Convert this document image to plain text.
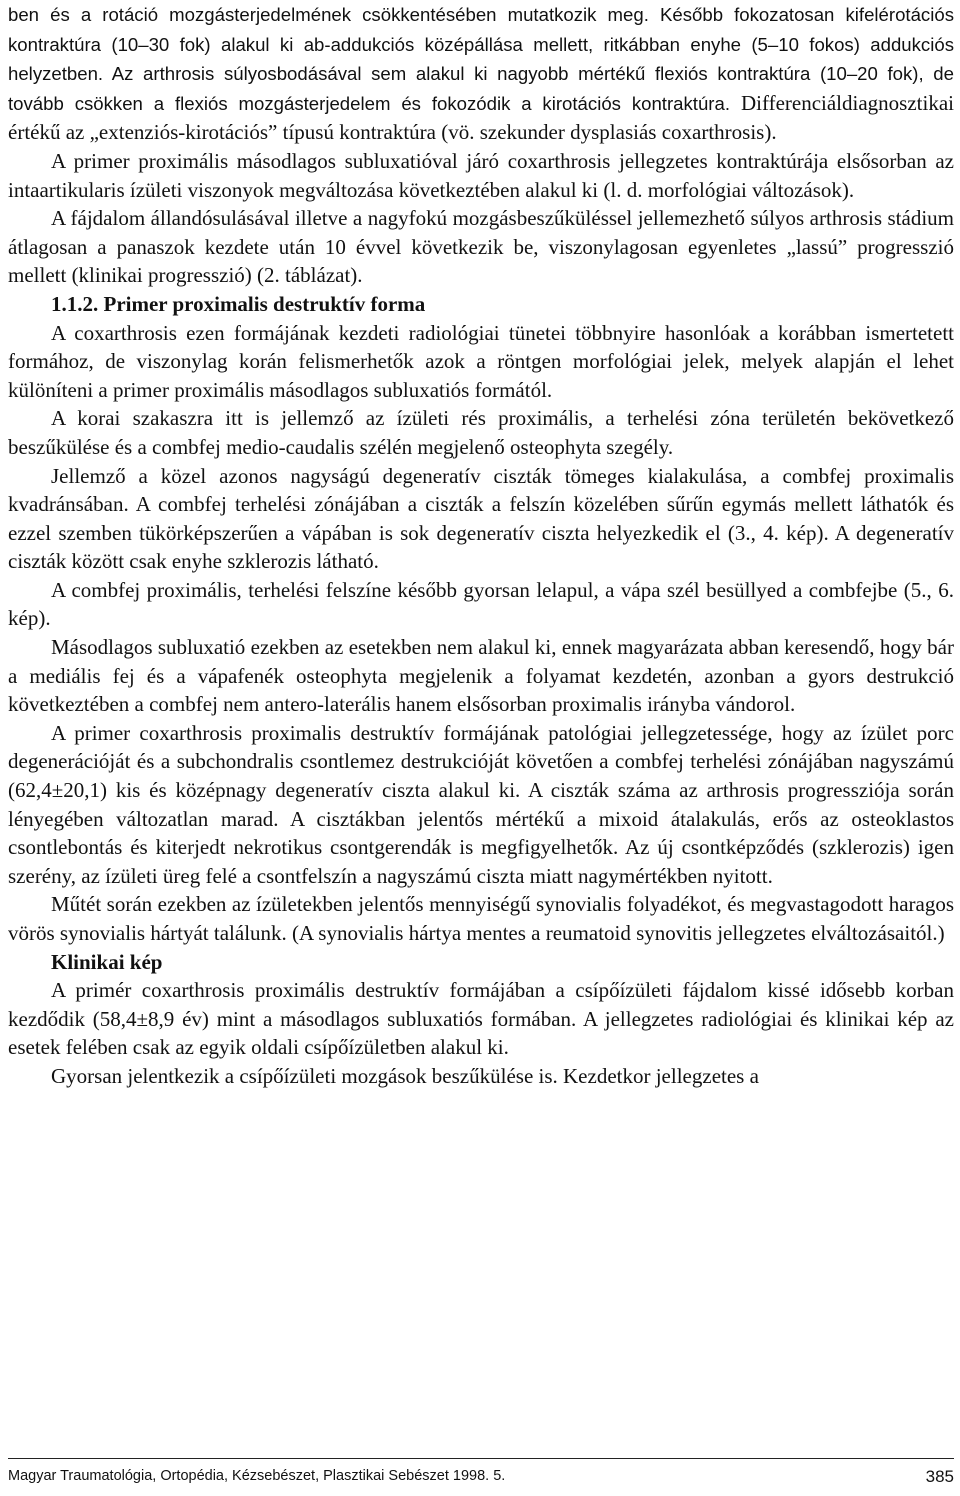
ben és a rotáció mozgásterjedelmének csökkentésében mutatkozik meg. Később fokozatosan kifelérotációs kontraktúra (10–30 fok) alakul ki ab-addukciós középállása mellett, ritkábban enyhe (5–10 fokos) addukciós helyzetben. Az arthrosis súlyosbodásával sem alakul ki nagyobb mértékű flexiós kontraktúra (10–20 fok), de tovább csökken a flexiós mozgásterjedelem és fokozódik a kirotációs kontraktúra. Differenciáldiagnosztikai értékű az „extenziós-kirotációs” típusú kontraktúra (vö. szekunder dysplasiás coxarthrosis).

A primer proximális másodlagos subluxatióval járó coxarthrosis jellegzetes kontraktúrája elsősorban az intaartikularis ízületi viszonyok megváltozása következtében alakul ki (l. d. morfológiai változások).

A fájdalom állandósulásával illetve a nagyfokú mozgásbeszűküléssel jellemezhető súlyos arthrosis stádium átlagosan a panaszok kezdete után 10 évvel következik be, viszonylagosan egyenletes „lassú” progresszió mellett (klinikai progresszió) (2. táblázat).

1.1.2. Primer proximalis destruktív forma

A coxarthrosis ezen formájának kezdeti radiológiai tünetei többnyire hasonlóak a korábban ismertetett formához, de viszonylag korán felismerhetők azok a röntgen morfológiai jelek, melyek alapján el lehet különíteni a primer proximális másodlagos subluxatiós formától.

A korai szakaszra itt is jellemző az ízületi rés proximális, a terhelési zóna területén bekövetkező beszűkülése és a combfej medio-caudalis szélén megjelenő osteophyta szegély.

Jellemző a közel azonos nagyságú degeneratív ciszták tömeges kialakulása, a combfej proximalis kvadránsában. A combfej terhelési zónájában a ciszták a felszín közelében sűrűn egymás mellett láthatók és ezzel szemben tükörképszerűen a vápában is sok degeneratív ciszta helyezkedik el (3., 4. kép). A degeneratív ciszták között csak enyhe szklerozis látható.

A combfej proximális, terhelési felszíne később gyorsan lelapul, a vápa szél besüllyed a combfejbe (5., 6. kép).

Másodlagos subluxatió ezekben az esetekben nem alakul ki, ennek magyarázata abban keresendő, hogy bár a mediális fej és a vápafenék osteophyta megjelenik a folyamat kezdetén, azonban a gyors destrukció következtében a combfej nem antero-laterális hanem elsősorban proximalis irányba vándorol.

A primer coxarthrosis proximalis destruktív formájának patológiai jellegzetessége, hogy az ízület porc degenerációját és a subchondralis csontlemez destrukcióját követően a combfej terhelési zónájában nagyszámú (62,4±20,1) kis és középnagy degeneratív ciszta alakul ki. A ciszták száma az arthrosis progressziója során lényegében változatlan marad. A cisztákban jelentős mértékű a mixoid átalakulás, erős az osteoklastos csontlebontás és kiterjedt nekrotikus csontgerendák is megfigyelhetők. Az új csontképződés (szklerozis) igen szerény, az ízületi üreg felé a csontfelszín a nagyszámú ciszta miatt nagymértékben nyitott.

Műtét során ezekben az ízületekben jelentős mennyiségű synovialis folyadékot, és megvastagodott haragos vörös synovialis hártyát találunk. (A synovialis hártya mentes a reumatoid synovitis jellegzetes elváltozásaitól.)

Klinikai kép

A primér coxarthrosis proximális destruktív formájában a csípőízületi fájdalom kissé idősebb korban kezdődik (58,4±8,9 év) mint a másodlagos subluxatiós formában. A jellegzetes radiológiai és klinikai kép az esetek felében csak az egyik oldali csípőízületben alakul ki.

Gyorsan jelentkezik a csípőízületi mozgások beszűkülése is. Kezdetkor jellegzetes a

Magyar Traumatológia, Ortopédia, Kézsebészet, Plasztikai Sebészet 1998. 5.	385
